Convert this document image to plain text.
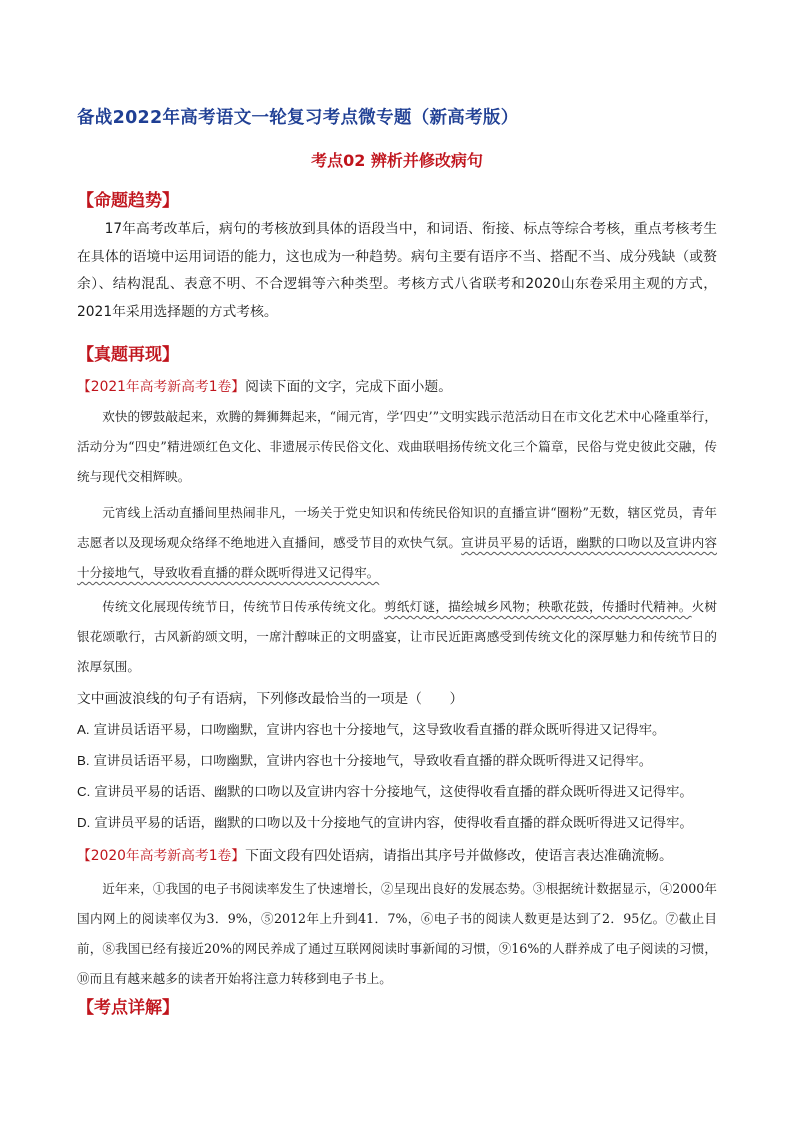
备战2022年高考语文一轮复习考点微专题（新高考版）
考点02 辨析并修改病句
【命题趋势】

17年高考改革后，病句的考核放到具体的语段当中，和词语、衔接、标点等综合考核，重点考核考生在具体的语境中运用词语的能力，这也成为一种趋势。病句主要有语序不当、搭配不当、成分残缺（或赘余）、结构混乱、表意不明、不合逻辑等六种类型。考核方式八省联考和2020山东卷采用主观的方式，2021年采用选择题的方式考核。

【真题再现】

【2021年高考新高考1卷】阅读下面的文字，完成下面小题。

欢快的锣鼓敲起来，欢腾的舞狮舞起来，“闹元宵，学‘四史’”文明实践示范活动日在市文化艺术中心隆重举行，活动分为“四史”精进颂红色文化、非遗展示传民俗文化、戏曲联唱扬传统文化三个篇章，民俗与党史彼此交融，传统与现代交相辉映。

元宵线上活动直播间里热闹非凡，一场关于党史知识和传统民俗知识的直播宣讲“圈粉”无数，辖区党员，青年志愿者以及现场观众络绎不绝地进入直播间，感受节目的欢快气氛。宣讲员平易的话语，幽默的口吻以及宣讲内容十分接地气，导致收看直播的群众既听得进又记得牢。

传统文化展现传统节日，传统节日传承传统文化。剪纸灯谜，描绘城乡风物；秧歌花鼓，传播时代精神。火树银花颂歌行，古风新韵颂文明，一席汁醇味正的文明盛宴，让市民近距离感受到传统文化的深厚魅力和传统节日的浓厚氛围。

文中画波浪线的句子有语病，下列修改最恰当的一项是（　　）

A. 宣讲员话语平易，口吻幽默，宣讲内容也十分接地气，这导致收看直播的群众既听得进又记得牢。

B. 宣讲员话语平易，口吻幽默，宣讲内容也十分接地气，导致收看直播的群众既听得进又记得牢。

C. 宣讲员平易的话语、幽默的口吻以及宣讲内容十分接地气，这使得收看直播的群众既听得进又记得牢。

D. 宣讲员平易的话语，幽默的口吻以及十分接地气的宣讲内容，使得收看直播的群众既听得进又记得牢。

【2020年高考新高考1卷】下面文段有四处语病，请指出其序号并做修改，使语言表达准确流畅。

近年来，①我国的电子书阅读率发生了快速增长，②呈现出良好的发展态势。③根据统计数据显示，④2000年国内网上的阅读率仅为3．9%，⑤2012年上升到41．7%，⑥电子书的阅读人数更是达到了2．95亿。⑦截止目前，⑧我国已经有接近20%的网民养成了通过互联网阅读时事新闻的习惯，⑨16%的人群养成了电子阅读的习惯，⑩而且有越来越多的读者开始将注意力转移到电子书上。

【考点详解】
